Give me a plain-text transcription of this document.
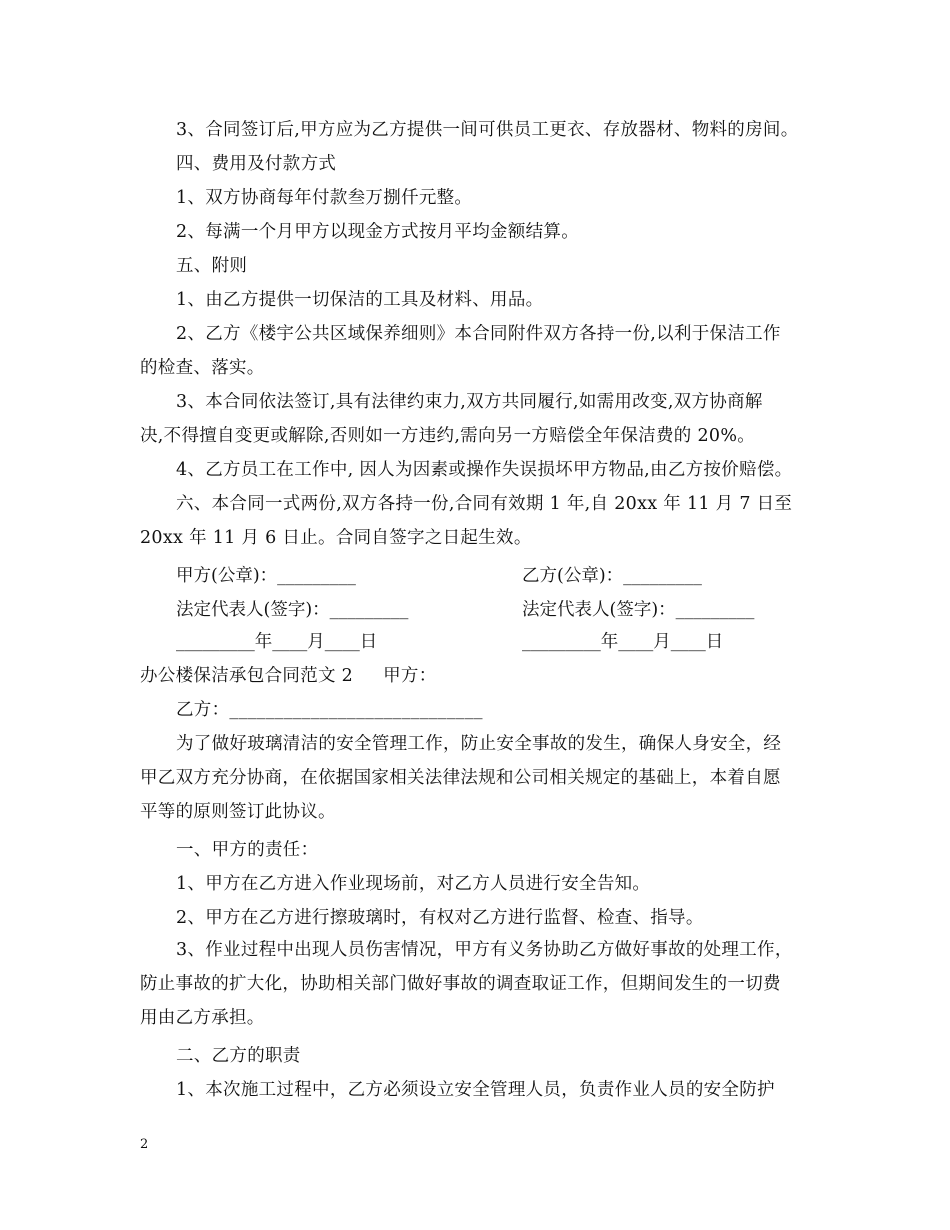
3、合同签订后,甲方应为乙方提供一间可供员工更衣、存放器材、物料的房间。
四、费用及付款方式
1、双方协商每年付款叁万捌仟元整。
2、每满一个月甲方以现金方式按月平均金额结算。
五、附则
1、由乙方提供一切保洁的工具及材料、用品。
2、乙方《楼宇公共区域保养细则》本合同附件双方各持一份,以利于保洁工作
的检查、落实。
3、本合同依法签订,具有法律约束力,双方共同履行,如需用改变,双方协商解
决,不得擅自变更或解除,否则如一方违约,需向另一方赔偿全年保洁费的 20%。
4、乙方员工在工作中, 因人为因素或操作失误损坏甲方物品,由乙方按价赔偿。
六、本合同一式两份,双方各持一份,合同有效期 1 年,自 20xx 年 11 月 7 日至
20xx 年 11 月 6 日止。合同自签字之日起生效。
甲方(公章)：_________	乙方(公章)：_________
法定代表人(签字)：_________	法定代表人(签字)：_________
_________年____月____日	_________年____月____日
办公楼保洁承包合同范文 2 甲方：
乙方：____________________________
为了做好玻璃清洁的安全管理工作，防止安全事故的发生，确保人身安全，经
甲乙双方充分协商，在依据国家相关法律法规和公司相关规定的基础上，本着自愿
平等的原则签订此协议。
一、甲方的责任：
1、甲方在乙方进入作业现场前，对乙方人员进行安全告知。
2、甲方在乙方进行擦玻璃时，有权对乙方进行监督、检查、指导。
3、作业过程中出现人员伤害情况，甲方有义务协助乙方做好事故的处理工作，
防止事故的扩大化，协助相关部门做好事故的调查取证工作，但期间发生的一切费
用由乙方承担。
二、乙方的职责
1、本次施工过程中，乙方必须设立安全管理人员，负责作业人员的安全防护
2
